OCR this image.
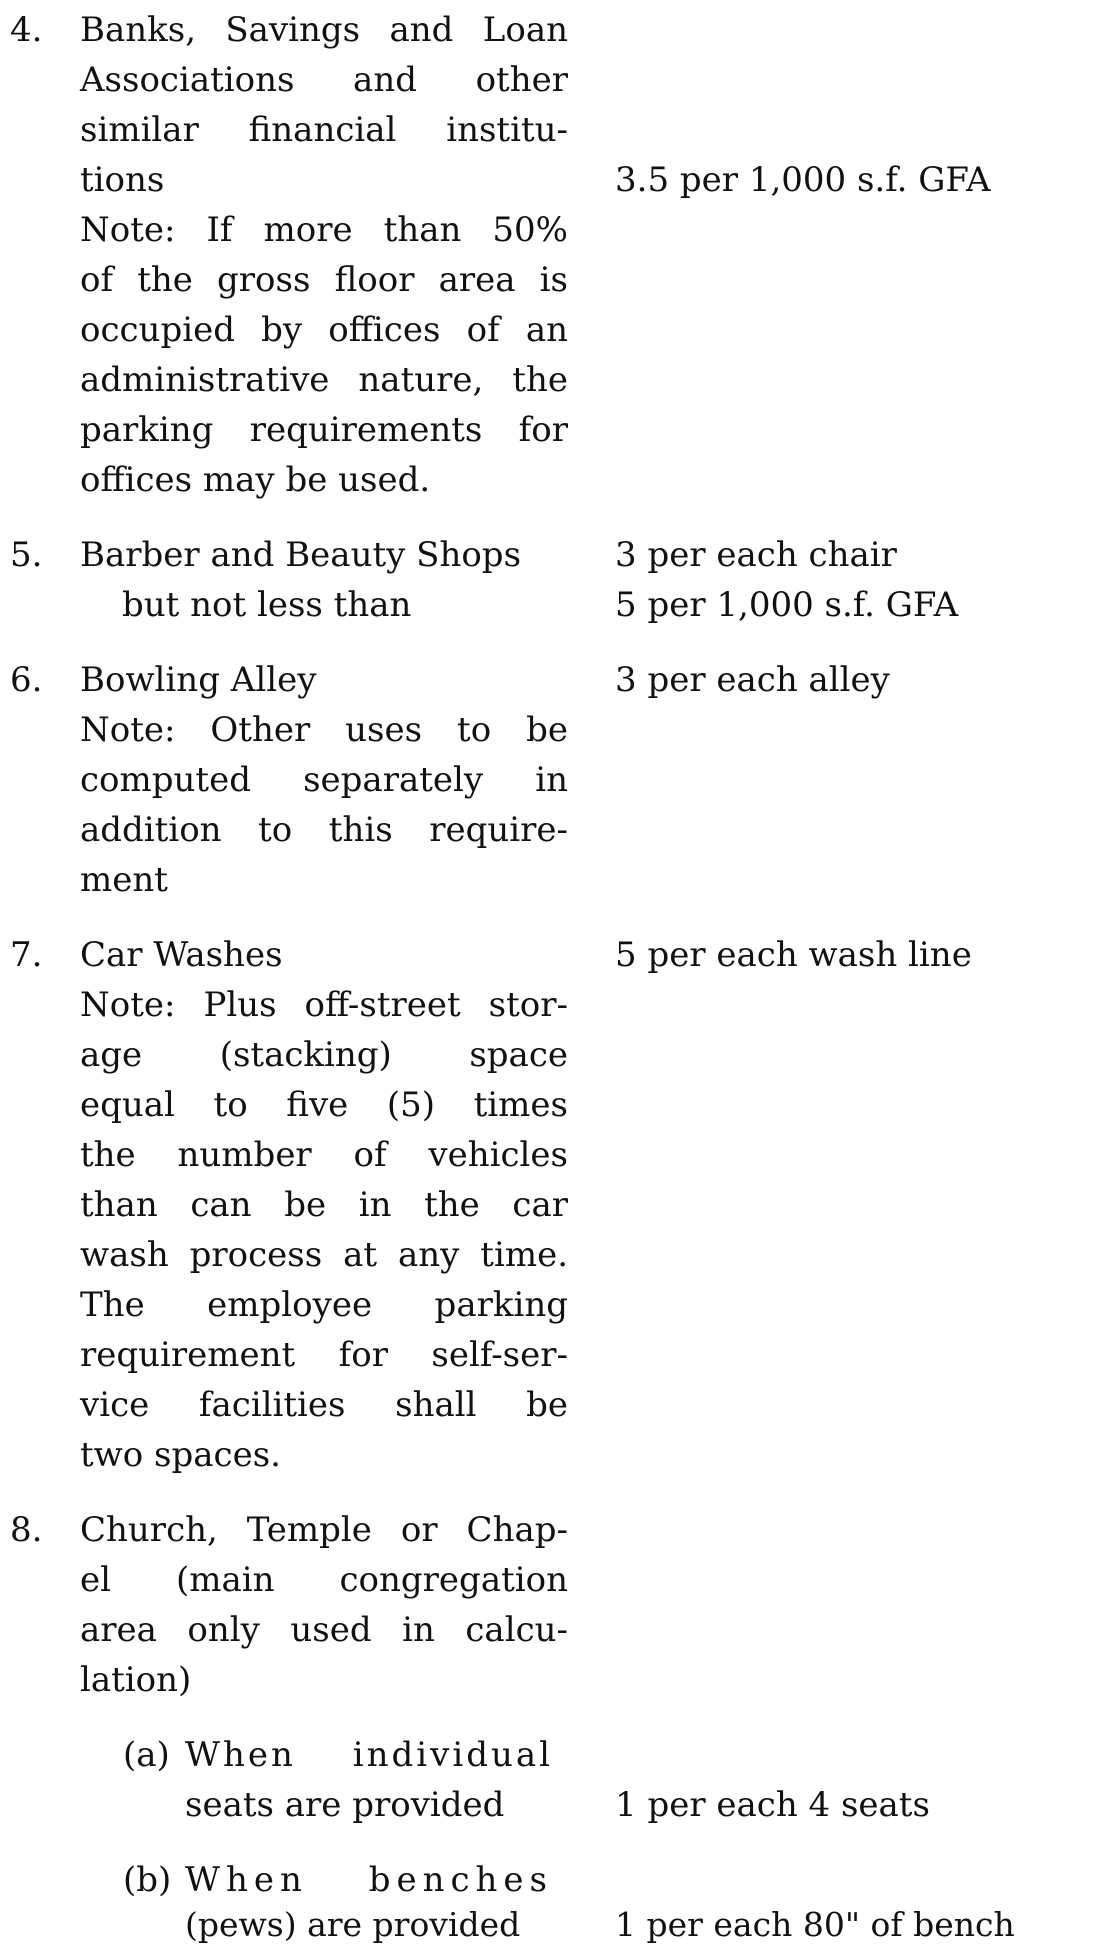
4. Banks, Savings and Loan
Associations and other
similar financial institu-
tions	3.5 per 1,000 s.f. GFA
Note: If more than 50%
of the gross floor area is
occupied by offices of an
administrative nature, the
parking requirements for
offices may be used.
5. Barber and Beauty Shops	3 per each chair
but not less than	5 per 1,000 s.f. GFA
6. Bowling Alley	3 per each alley
Note: Other uses to be
computed separately in
addition to this require-
ment
7. Car Washes	5 per each wash line
Note: Plus off-street stor-
age (stacking) space
equal to five (5) times
the number of vehicles
than can be in the car
wash process at any time.
The employee parking
requirement for self-ser-
vice facilities shall be
two spaces.
8. Church, Temple or Chap-
el (main congregation
area only used in calcu-
lation)
(a) When individual
seats are provided	1 per each 4 seats
(b) When benches
(pews) are provided	1 per each 80" of bench
